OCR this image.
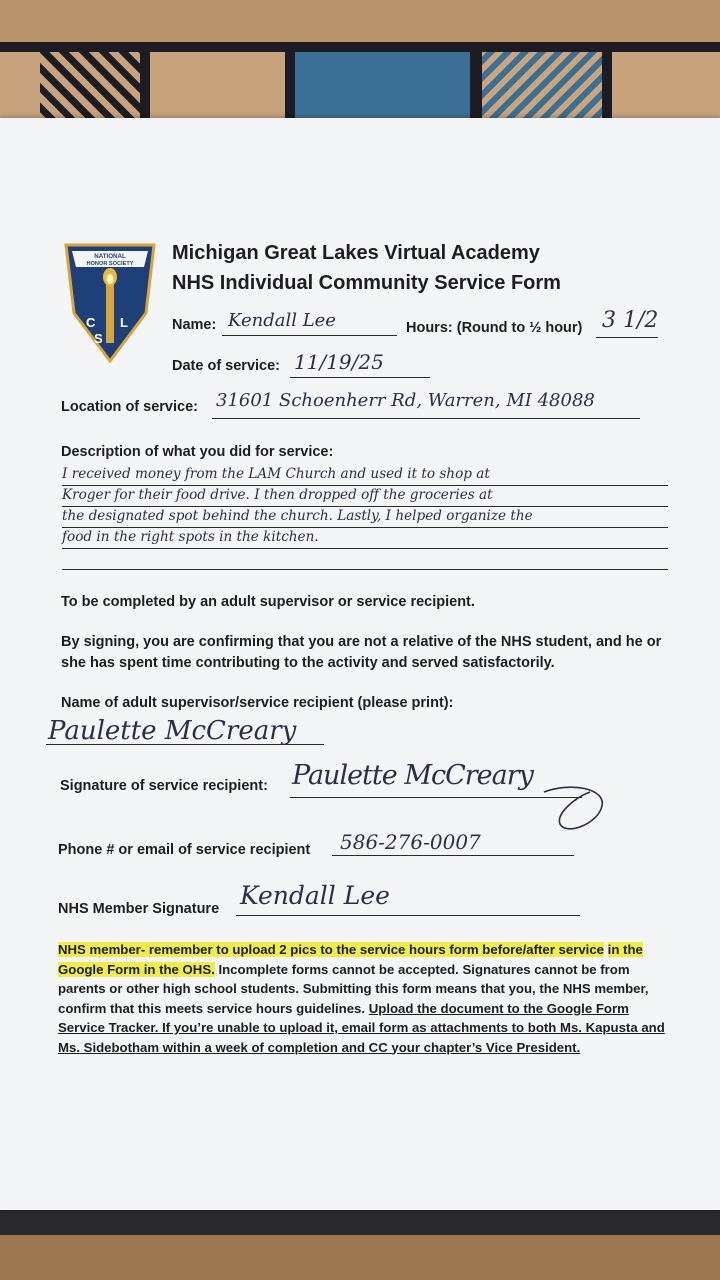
NATIONAL
HONOR SOCIETY
C
S
L
Michigan Great Lakes Virtual Academy
NHS Individual Community Service Form
Name: Kendall Lee	Hours: (Round to ½ hour) 3 1/2
Date of service: 11/19/25
Location of service: 31601 Schoenherr Rd, Warren, MI 48088
Description of what you did for service:
I received money from the LAM Church and used it to shop at
Kroger for their food drive. I then dropped off the groceries at
the designated spot behind the church. Lastly, I helped organize the
food in the right spots in the kitchen.
To be completed by an adult supervisor or service recipient.
By signing, you are confirming that you are not a relative of the NHS student, and he or she has spent time contributing to the activity and served satisfactorily.
Name of adult supervisor/service recipient (please print):
Paulette McCreary
Signature of service recipient: Paulette McCreary
Phone # or email of service recipient 586-276-0007
NHS Member Signature Kendall Lee
NHS member- remember to upload 2 pics to the service hours form before/after service in the Google Form in the OHS. Incomplete forms cannot be accepted. Signatures cannot be from parents or other high school students. Submitting this form means that you, the NHS member, confirm that this meets service hours guidelines. Upload the document to the Google Form Service Tracker. If you’re unable to upload it, email form as attachments to both Ms. Kapusta and Ms. Sidebotham within a week of completion and CC your chapter’s Vice President.
